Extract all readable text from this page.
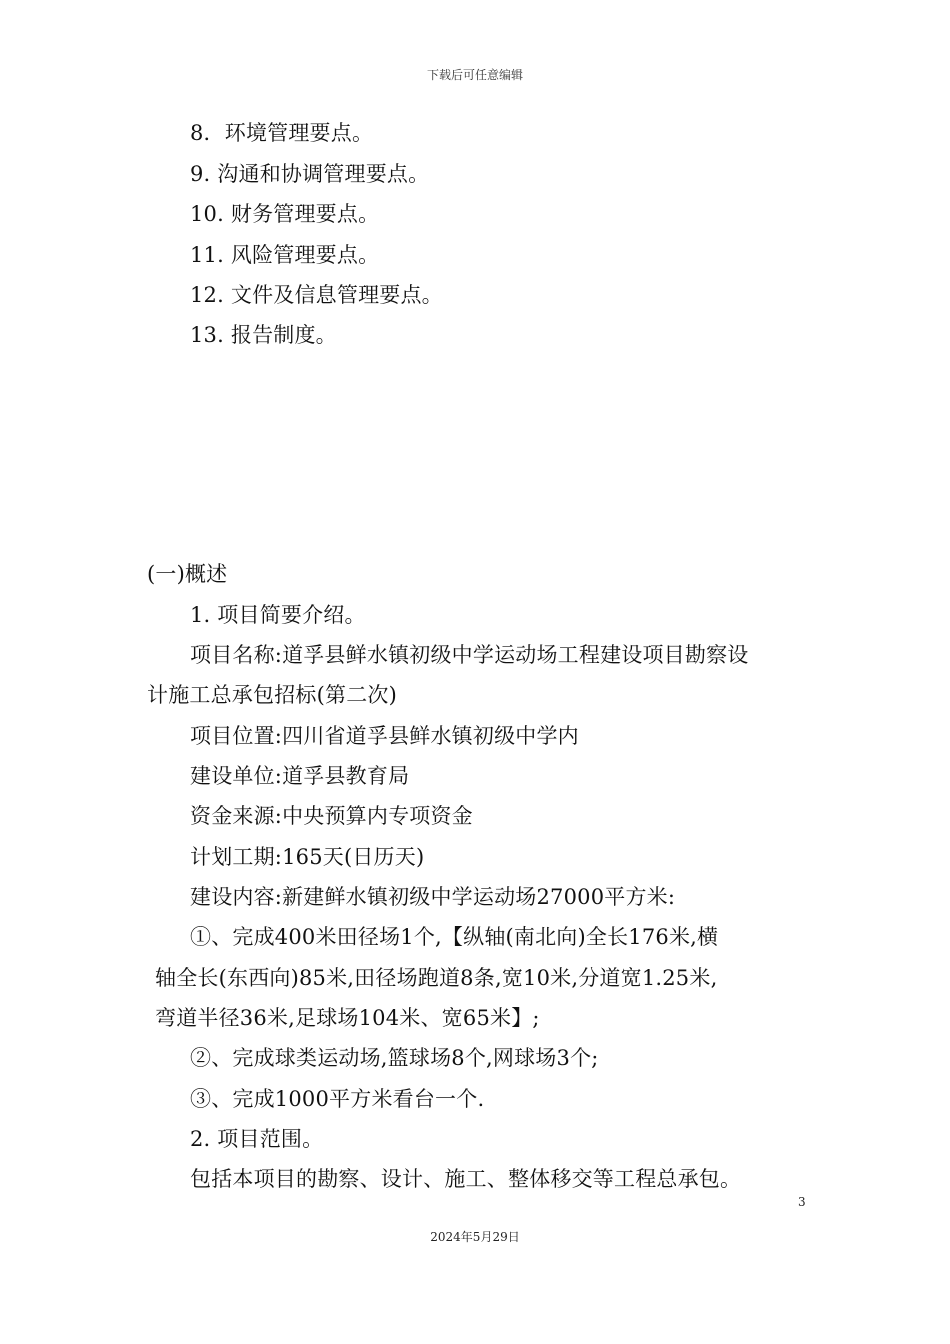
下载后可任意编辑
8．环境管理要点。
9. 沟通和协调管理要点。
10. 财务管理要点。
11. 风险管理要点。
12. 文件及信息管理要点。
13. 报告制度。
(一)概述
1. 项目简要介绍。
项目名称:道孚县鲜水镇初级中学运动场工程建设项目勘察设
计施工总承包招标(第二次)
项目位置:四川省道孚县鲜水镇初级中学内
建设单位:道孚县教育局
资金来源:中央预算内专项资金
计划工期:165天(日历天)
建设内容:新建鲜水镇初级中学运动场27000平方米:
①、完成400米田径场1个,【纵轴(南北向)全长176米,横
轴全长(东西向)85米,田径场跑道8条,宽10米,分道宽1.25米,
弯道半径36米,足球场104米、宽65米】;
②、完成球类运动场,篮球场8个,网球场3个;
③、完成1000平方米看台一个.
2. 项目范围。
包括本项目的勘察、设计、施工、整体移交等工程总承包。
3
2024年5月29日
